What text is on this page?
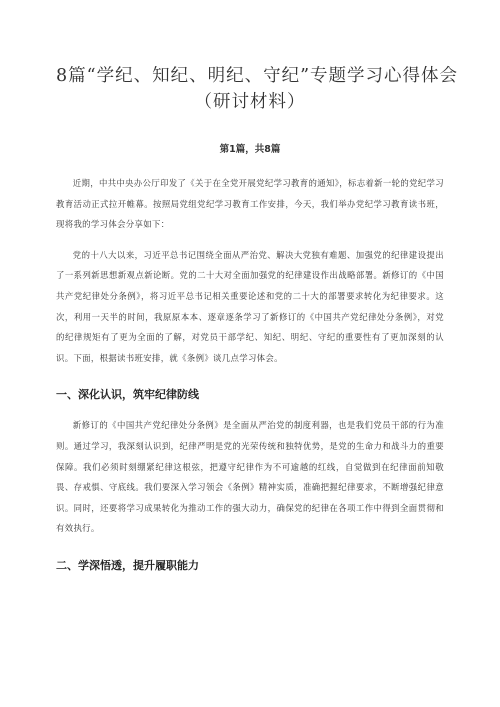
8篇“学纪、知纪、明纪、守纪”专题学习心得体会
（研讨材料）
第1篇，共8篇

近期，中共中央办公厅印发了《关于在全党开展党纪学习教育的通知》，标志着新一轮的党纪学习教育活动正式拉开帷幕。按照局党组党纪学习教育工作安排，今天，我们举办党纪学习教育读书班，现将我的学习体会分享如下：

党的十八大以来，习近平总书记围绕全面从严治党、解决大党独有难题、加强党的纪律建设提出了一系列新思想新观点新论断。党的二十大对全面加强党的纪律建设作出战略部署。新修订的《中国共产党纪律处分条例》，将习近平总书记相关重要论述和党的二十大的部署要求转化为纪律要求。这次，利用一天半的时间，我原原本本、逐章逐条学习了新修订的《中国共产党纪律处分条例》，对党的纪律规矩有了更为全面的了解，对党员干部学纪、知纪、明纪、守纪的重要性有了更加深刻的认识。下面，根据读书班安排，就《条例》谈几点学习体会。

一、深化认识，筑牢纪律防线

新修订的《中国共产党纪律处分条例》是全面从严治党的制度利器，也是我们党员干部的行为准则。通过学习，我深刻认识到，纪律严明是党的光荣传统和独特优势，是党的生命力和战斗力的重要保障。我们必须时刻绷紧纪律这根弦，把遵守纪律作为不可逾越的红线，自觉做到在纪律面前知敬畏、存戒惧、守底线。我们要深入学习领会《条例》精神实质，准确把握纪律要求，不断增强纪律意识。同时，还要将学习成果转化为推动工作的强大动力，确保党的纪律在各项工作中得到全面贯彻和有效执行。

二、学深悟透，提升履职能力
